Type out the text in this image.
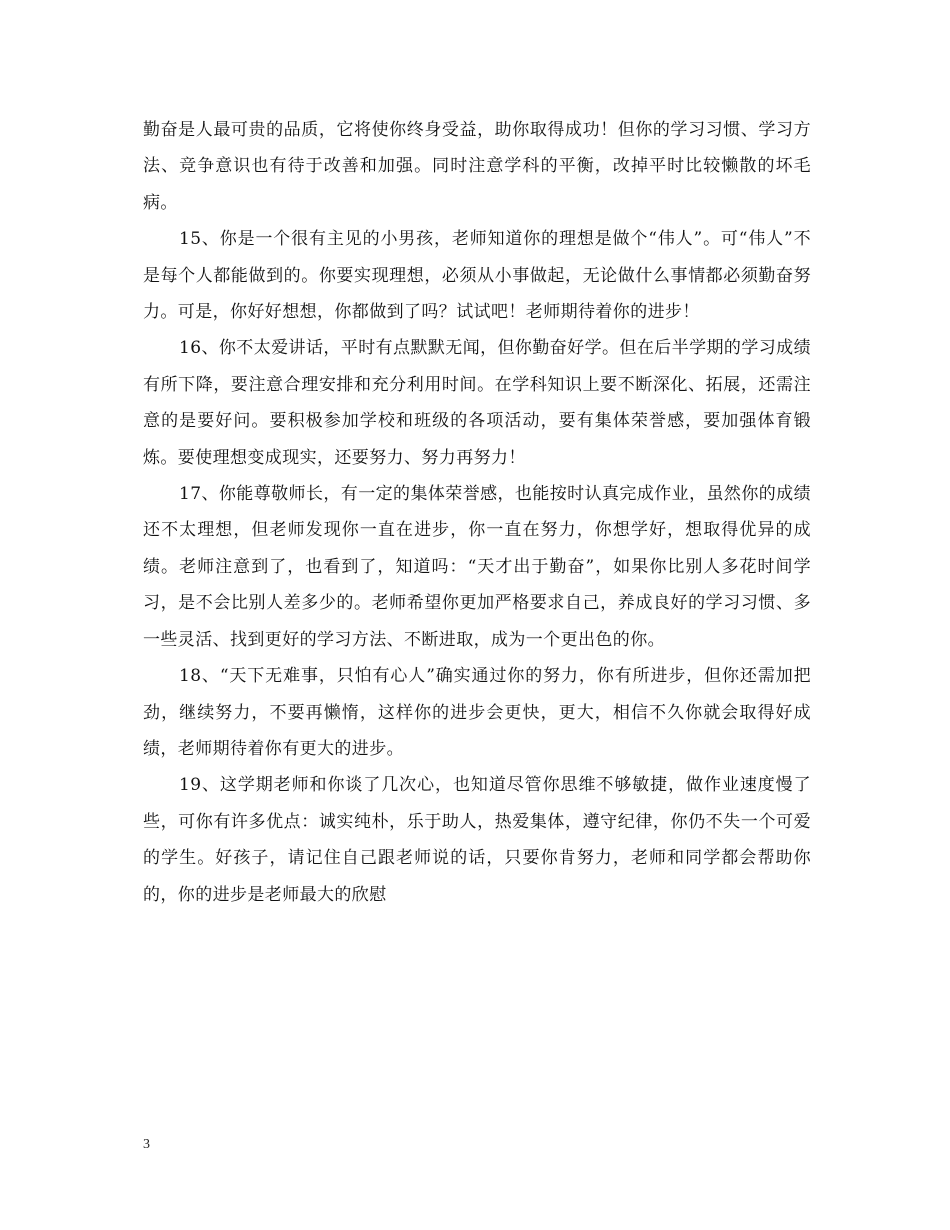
勤奋是人最可贵的品质，它将使你终身受益，助你取得成功！但你的学习习惯、学习方法、竞争意识也有待于改善和加强。同时注意学科的平衡，改掉平时比较懒散的坏毛病。

15、你是一个很有主见的小男孩，老师知道你的理想是做个“伟人”。可“伟人”不是每个人都能做到的。你要实现理想，必须从小事做起，无论做什么事情都必须勤奋努力。可是，你好好想想，你都做到了吗？试试吧！老师期待着你的进步！

16、你不太爱讲话，平时有点默默无闻，但你勤奋好学。但在后半学期的学习成绩有所下降，要注意合理安排和充分利用时间。在学科知识上要不断深化、拓展，还需注意的是要好问。要积极参加学校和班级的各项活动，要有集体荣誉感，要加强体育锻炼。要使理想变成现实，还要努力、努力再努力！

17、你能尊敬师长，有一定的集体荣誉感，也能按时认真完成作业，虽然你的成绩还不太理想，但老师发现你一直在进步，你一直在努力，你想学好，想取得优异的成绩。老师注意到了，也看到了，知道吗：“天才出于勤奋”，如果你比别人多花时间学习，是不会比别人差多少的。老师希望你更加严格要求自己，养成良好的学习习惯、多一些灵活、找到更好的学习方法、不断进取，成为一个更出色的你。

18、“天下无难事，只怕有心人”确实通过你的努力，你有所进步，但你还需加把劲，继续努力，不要再懒惰，这样你的进步会更快，更大，相信不久你就会取得好成绩，老师期待着你有更大的进步。

19、这学期老师和你谈了几次心，也知道尽管你思维不够敏捷，做作业速度慢了些，可你有许多优点：诚实纯朴，乐于助人，热爱集体，遵守纪律，你仍不失一个可爱的学生。好孩子，请记住自己跟老师说的话，只要你肯努力，老师和同学都会帮助你的，你的进步是老师最大的欣慰

3
